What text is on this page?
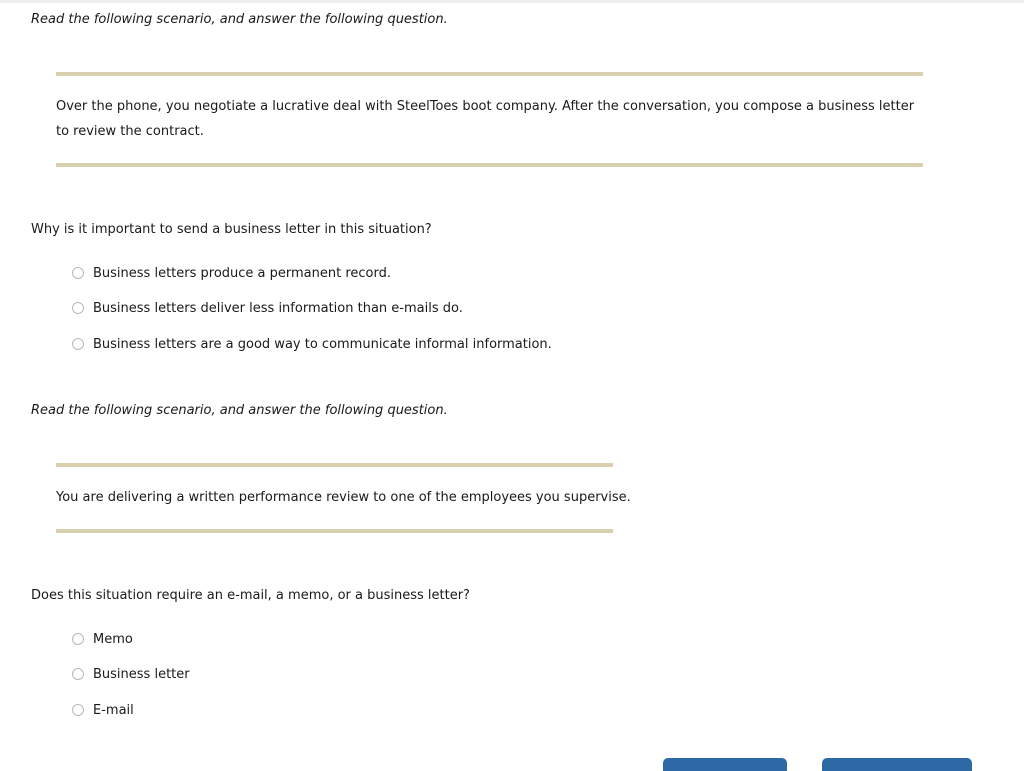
Read the following scenario, and answer the following question.
Over the phone, you negotiate a lucrative deal with SteelToes boot company. After the conversation, you compose a business letter to review the contract.
Why is it important to send a business letter in this situation?
Business letters produce a permanent record.
Business letters deliver less information than e-mails do.
Business letters are a good way to communicate informal information.
Read the following scenario, and answer the following question.
You are delivering a written performance review to one of the employees you supervise.
Does this situation require an e-mail, a memo, or a business letter?
Memo
Business letter
E-mail
